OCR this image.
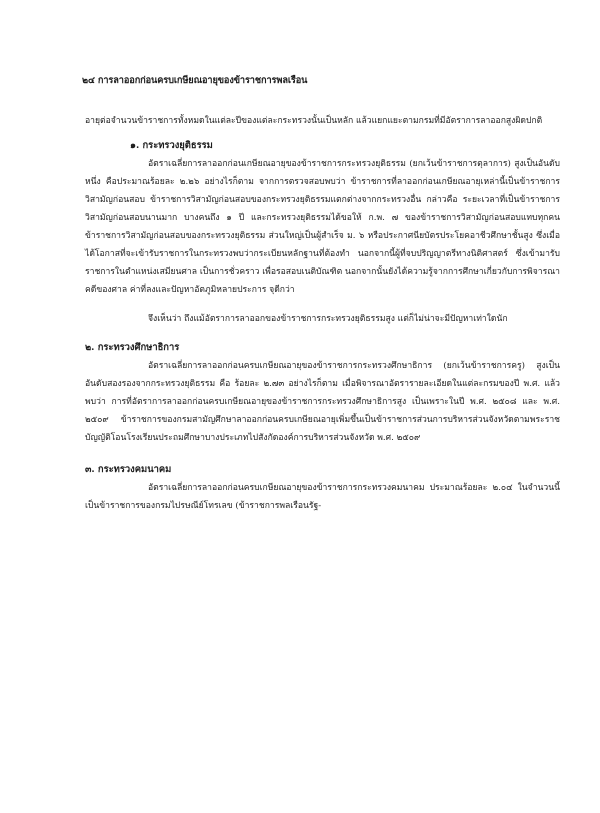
๒๔ การลาออกก่อนครบเกษียณอายุของข้าราชการพลเรือน

อายุต่อจำนวนข้าราชการทั้งหมดในแต่ละปีของแต่ละกระทรวงนั้นเป็นหลัก แล้วแยกแยะตามกรมที่มีอัตราการลาออกสูงผิดปกติ

๑. กระทรวงยุติธรรม

อัตราเฉลี่ยการลาออกก่อนเกษียณอายุของข้าราชการกระทรวงยุติธรรม (ยกเว้นข้าราชการตุลาการ) สูงเป็นอันดับหนึ่ง คือประมาณร้อยละ ๒.๒๖ อย่างไรก็ตาม จากการตรวจสอบพบว่า ข้าราชการที่ลาออกก่อนเกษียณอายุเหล่านี้เป็นข้าราชการวิสามัญก่อนสอบ ข้าราชการวิสามัญก่อนสอบของกระทรวงยุติธรรมแตกต่างจากกระทรวงอื่น กล่าวคือ ระยะเวลาที่เป็นข้าราชการวิสามัญก่อนสอบนานมาก บางคนถึง ๑ ปี และกระทรวงยุติธรรมได้ขอให้ ก.พ. ๗ ของข้าราชการวิสามัญก่อนสอบแทบทุกคน ข้าราชการวิสามัญก่อนสอบของกระทรวงยุติธรรม ส่วนใหญ่เป็นผู้สำเร็จ ม. ๖ หรือประกาศนียบัตรประโยคอาชีวศึกษาชั้นสูง ซึ่งเมื่อได้โอกาสที่จะเข้ารับราชการในกระทรวงพบว่ากระเบียนหลักฐานที่ต้องทำ นอกจากนี้ผู้ที่จบปริญญาตรีทางนิติศาสตร์ ซึ่งเข้ามารับราชการในตำแหน่งเสมียนศาล เป็นการชั่วคราว เพื่อรอสอบเนติบัณฑิต นอกจากนั้นยังได้ความรู้จากการศึกษาเกี่ยวกับการพิจารณาคดีของศาล ค่าที่ลงและปัญหาอัตภูมิหลายประการ จุดีกว่า

จึงเห็นว่า ถึงแม้อัตราการลาออกของข้าราชการกระทรวงยุติธรรมสูง แต่ก็ไม่น่าจะมีปัญหาเท่าใดนัก

๒. กระทรวงศึกษาธิการ

อัตราเฉลี่ยการลาออกก่อนครบเกษียณอายุของข้าราชการกระทรวงศึกษาธิการ (ยกเว้นข้าราชการครู) สูงเป็นอันดับสองรองจากกระทรวงยุติธรรม คือ ร้อยละ ๒.๗๓ อย่างไรก็ตาม เมื่อพิจารณาอัตรารายละเอียดในแต่ละกรมของปี พ.ศ. แล้ว พบว่า การที่อัตราการลาออกก่อนครบเกษียณอายุของข้าราชการกระทรวงศึกษาธิการสูง เป็นเพราะในปี พ.ศ. ๒๕๐๘ และ พ.ศ. ๒๕๐๙ ข้าราชการของกรมสามัญศึกษาลาออกก่อนครบเกษียณอายุเพิ่มขึ้นเป็นข้าราชการส่วนการบริหารส่วนจังหวัดตามพระราชบัญญัติโอนโรงเรียนประถมศึกษาบางประเภทไปสังกัดองค์การบริหารส่วนจังหวัด พ.ศ. ๒๕๐๙

๓. กระทรวงคมนาคม

อัตราเฉลี่ยการลาออกก่อนครบเกษียณอายุของข้าราชการกระทรวงคมนาคม ประมาณร้อยละ ๒.๐๔ ในจำนวนนี้เป็นข้าราชการของกรมไปรษณีย์โทรเลข (ข้าราชการพลเรือนรัฐ-
